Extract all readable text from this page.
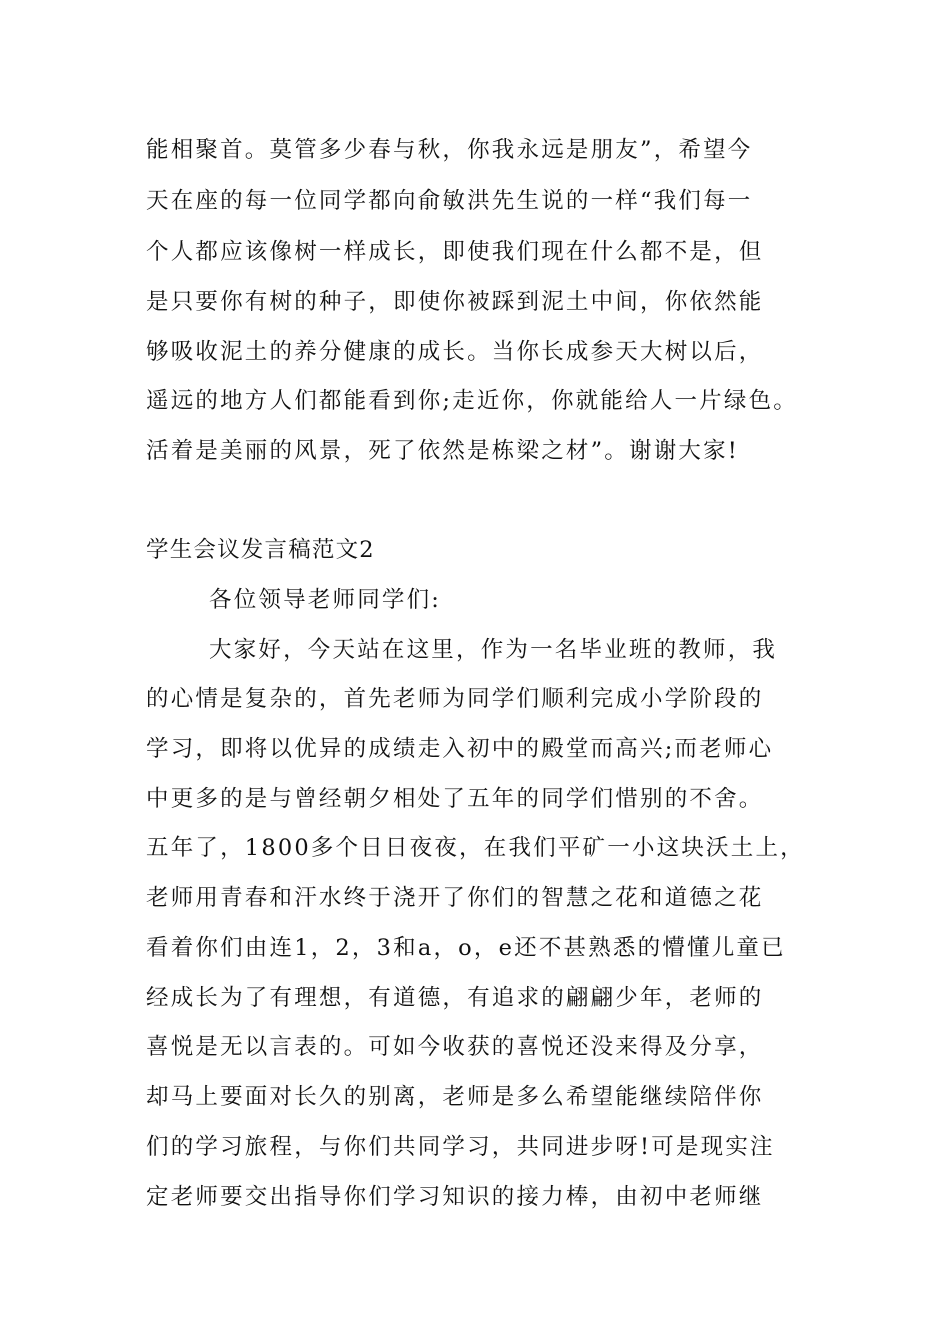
能相聚首。莫管多少春与秋，你我永远是朋友”，希望今
天在座的每一位同学都向俞敏洪先生说的一样“我们每一
个人都应该像树一样成长，即使我们现在什么都不是，但
是只要你有树的种子，即使你被踩到泥土中间，你依然能
够吸收泥土的养分健康的成长。当你长成参天大树以后，
遥远的地方人们都能看到你;走近你，你就能给人一片绿色。
活着是美丽的风景，死了依然是栋梁之材”。谢谢大家!
学生会议发言稿范文2
各位领导老师同学们:
大家好，今天站在这里，作为一名毕业班的教师，我
的心情是复杂的，首先老师为同学们顺利完成小学阶段的
学习，即将以优异的成绩走入初中的殿堂而高兴;而老师心
中更多的是与曾经朝夕相处了五年的同学们惜别的不舍。
五年了，1800多个日日夜夜，在我们平矿一小这块沃土上，
老师用青春和汗水终于浇开了你们的智慧之花和道德之花
看着你们由连1，2，3和a，o，e还不甚熟悉的懵懂儿童已
经成长为了有理想，有道德，有追求的翩翩少年，老师的
喜悦是无以言表的。可如今收获的喜悦还没来得及分享，
却马上要面对长久的别离，老师是多么希望能继续陪伴你
们的学习旅程，与你们共同学习，共同进步呀!可是现实注
定老师要交出指导你们学习知识的接力棒，由初中老师继
